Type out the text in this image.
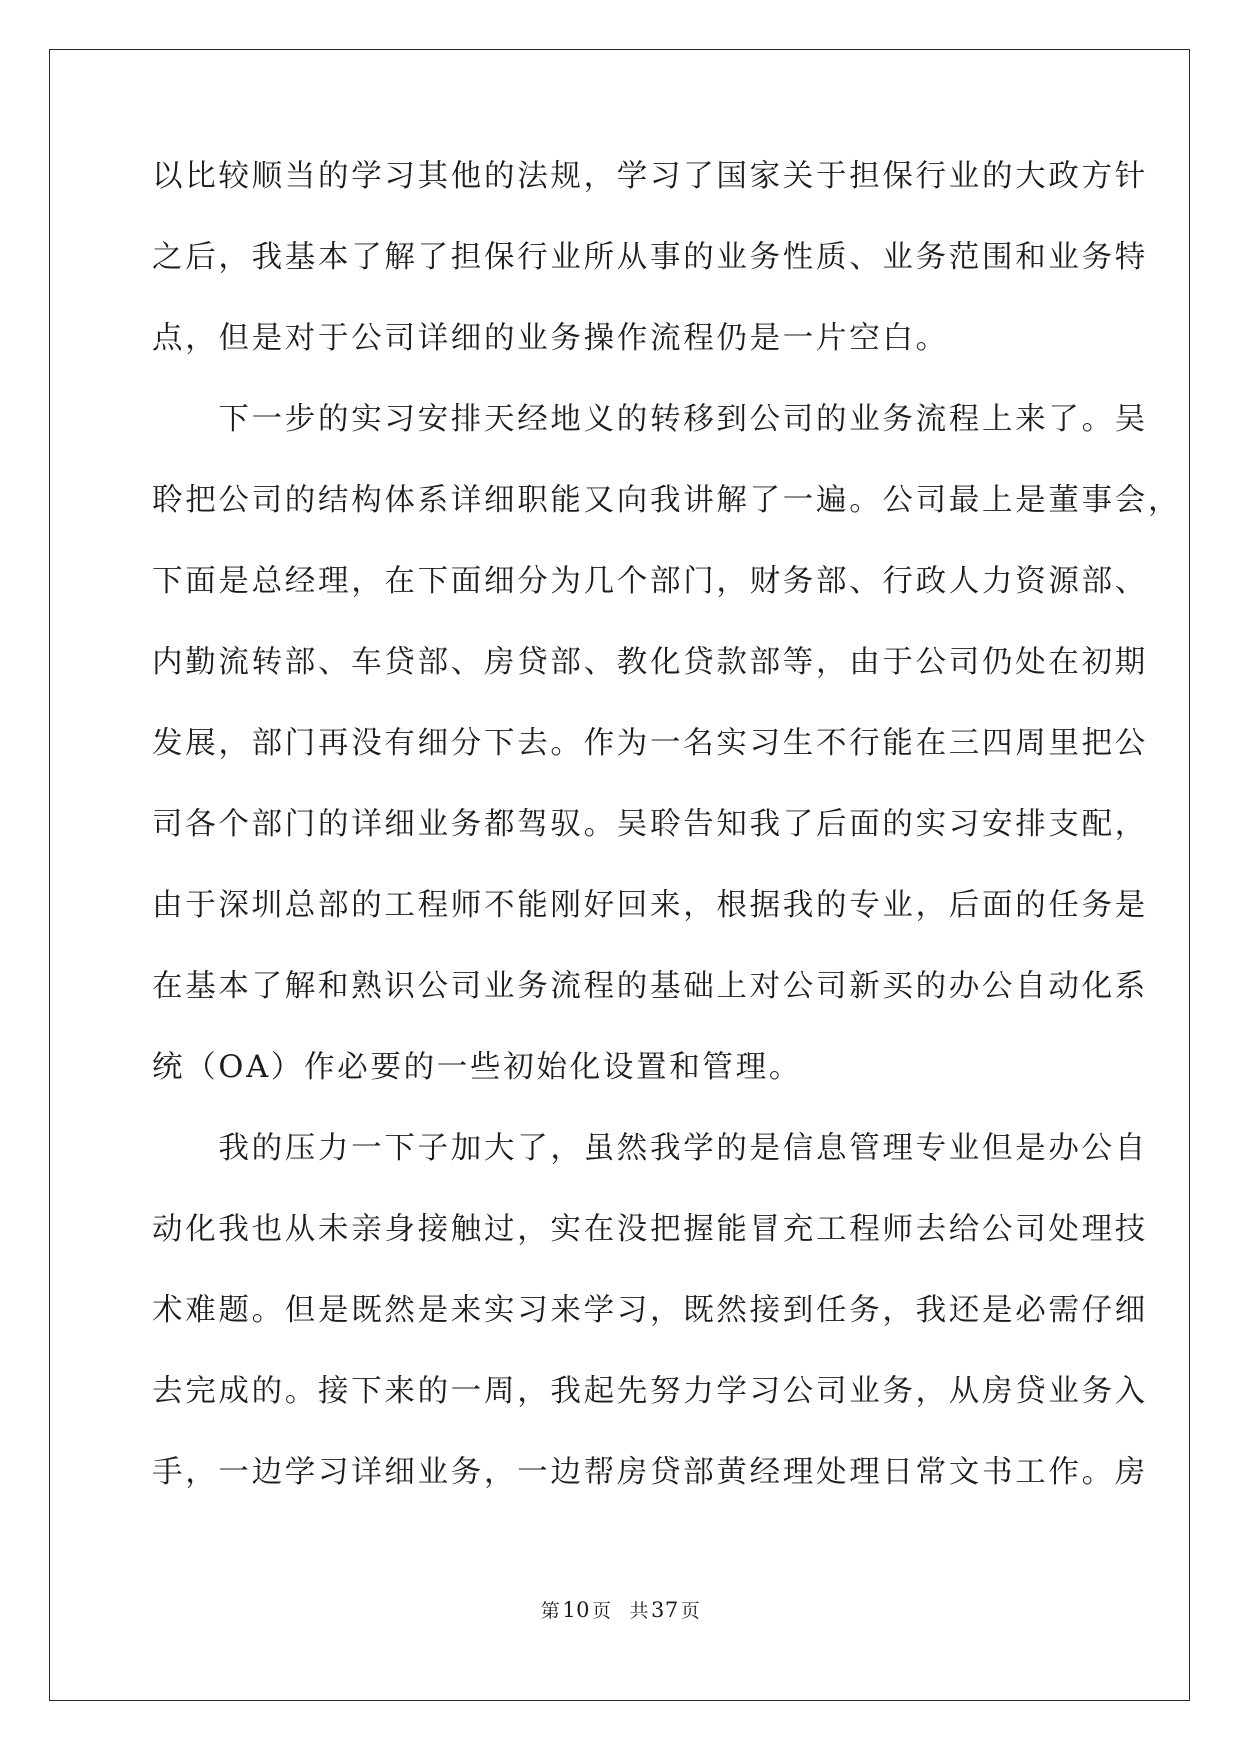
以比较顺当的学习其他的法规，学习了国家关于担保行业的大政方针
之后，我基本了解了担保行业所从事的业务性质、业务范围和业务特
点，但是对于公司详细的业务操作流程仍是一片空白。
　　下一步的实习安排天经地义的转移到公司的业务流程上来了。吴
聆把公司的结构体系详细职能又向我讲解了一遍。公司最上是董事会，
下面是总经理，在下面细分为几个部门，财务部、行政人力资源部、
内勤流转部、车贷部、房贷部、教化贷款部等，由于公司仍处在初期
发展，部门再没有细分下去。作为一名实习生不行能在三四周里把公
司各个部门的详细业务都驾驭。吴聆告知我了后面的实习安排支配，
由于深圳总部的工程师不能刚好回来，根据我的专业，后面的任务是
在基本了解和熟识公司业务流程的基础上对公司新买的办公自动化系
统（OA）作必要的一些初始化设置和管理。
　　我的压力一下子加大了，虽然我学的是信息管理专业但是办公自
动化我也从未亲身接触过，实在没把握能冒充工程师去给公司处理技
术难题。但是既然是来实习来学习，既然接到任务，我还是必需仔细
去完成的。接下来的一周，我起先努力学习公司业务，从房贷业务入
手，一边学习详细业务，一边帮房贷部黄经理处理日常文书工作。房
第10 页 共37 页
